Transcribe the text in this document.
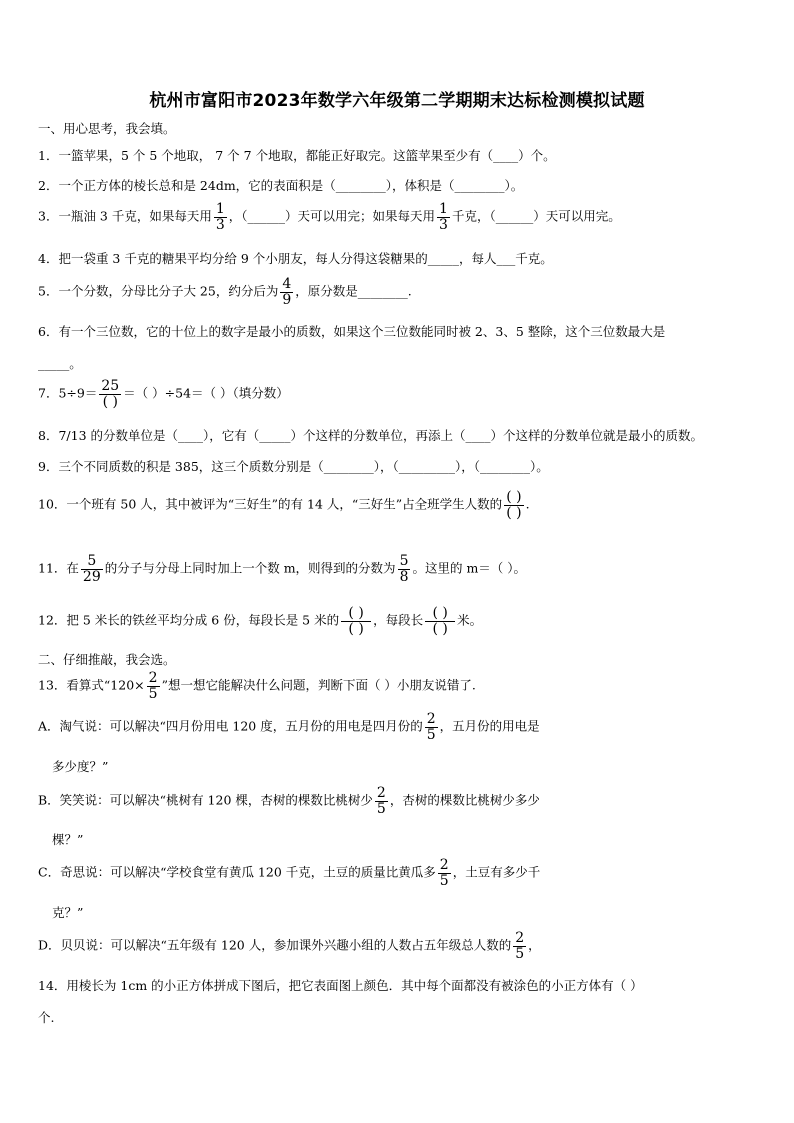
杭州市富阳市2023年数学六年级第二学期期末达标检测模拟试题
一、用心思考，我会填。
1．一篮苹果，5 个 5 个地取， 7 个 7 个地取，都能正好取完。这篮苹果至少有（____）个。
2．一个正方体的棱长总和是 24dm，它的表面积是（________），体积是（________）。
3．一瓶油 3 千克，如果每天用 $\frac{1}{3}$ ，（______）天可以用完；如果每天用 $\frac{1}{3}$ 千克，（______）天可以用完。
4．把一袋重 3 千克的糖果平均分给 9 个小朋友，每人分得这袋糖果的_____，每人___千克。
5．一个分数，分母比分子大 25，约分后为 $\frac{4}{9}$ ，原分数是________.
6．有一个三位数，它的十位上的数字是最小的质数，如果这个三位数能同时被 2、3、5 整除，这个三位数最大是
_____。
7．$5\div 9= \frac{25}{( )}$ ＝（ ）÷54＝（ ）（填分数）
8．7/13 的分数单位是（____），它有（_____）个这样的分数单位，再添上（____）个这样的分数单位就是最小的质数。
9．三个不同质数的积是 385，这三个质数分别是（________），（_________），（________）。
10．一个班有 50 人，其中被评为“三好生”的有 14 人，“三好生”占全班学生人数的 $\frac{( )}{( )}$ .
11．在 $\frac{5}{29}$ 的分子与分母上同时加上一个数 m，则得到的分数为 $\frac{5}{8}$ 。这里的 m＝（ ）。
12．把 5 米长的铁丝平均分成 6 份，每段长是 5 米的 $\frac{( )}{( )}$ ，每段长 $\frac{( )}{( )}$ 米。
二、仔细推敲，我会选。
13．看算式“$120\times \frac{2}{5}$ ”想一想它能解决什么问题，判断下面（ ）小朋友说错了.
A．淘气说：可以解决“四月份用电 120 度，五月份的用电是四月份的 $\frac{2}{5}$ ，五月份的用电是
多少度？”
B．笑笑说：可以解决“桃树有 120 棵，杏树的棵数比桃树少 $\frac{2}{5}$ ，杏树的棵数比桃树少多少
棵？”
C．奇思说：可以解决“学校食堂有黄瓜 120 千克，土豆的质量比黄瓜多 $\frac{2}{5}$ ，土豆有多少千
克？”
D．贝贝说：可以解决“五年级有 120 人，参加课外兴趣小组的人数占五年级总人数的 $\frac{2}{5}$ ，
14．用棱长为 1cm 的小正方体拼成下图后，把它表面图上颜色．其中每个面都没有被涂色的小正方体有（ ）
个.
